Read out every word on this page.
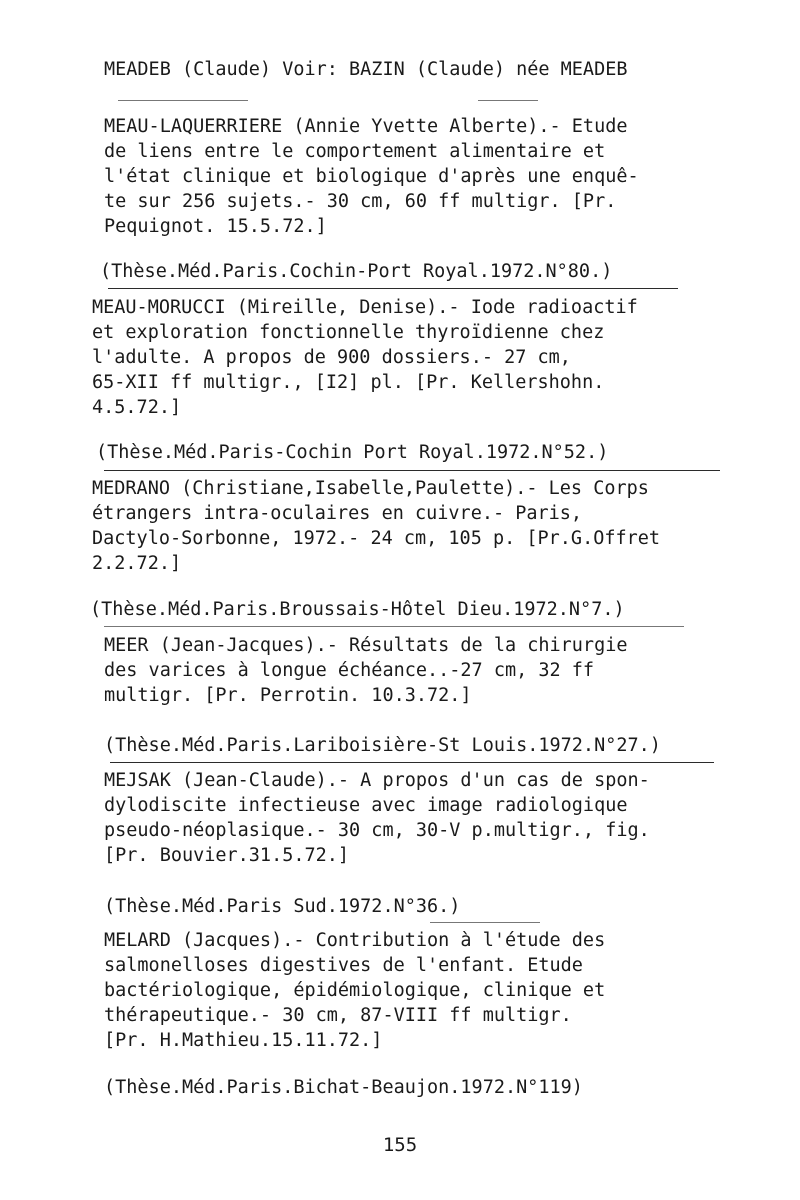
MEADEB (Claude) Voir: BAZIN (Claude) née MEADEB

MEAU-LAQUERRIERE (Annie Yvette Alberte).- Etude

de liens entre le comportement alimentaire et

l'état clinique et biologique d'après une enquê-

te sur 256 sujets.- 30 cm, 60 ff multigr. [Pr.

Pequignot. 15.5.72.]

(Thèse.Méd.Paris.Cochin-Port Royal.1972.N°80.)

MEAU-MORUCCI (Mireille, Denise).- Iode radioactif

et exploration fonctionnelle thyroïdienne chez

l'adulte. A propos de 900 dossiers.- 27 cm,

65-XII ff multigr., [I2] pl. [Pr. Kellershohn.

4.5.72.]

(Thèse.Méd.Paris-Cochin Port Royal.1972.N°52.)

MEDRANO (Christiane,Isabelle,Paulette).- Les Corps

étrangers intra-oculaires en cuivre.- Paris,

Dactylo-Sorbonne, 1972.- 24 cm, 105 p. [Pr.G.Offret

2.2.72.]

(Thèse.Méd.Paris.Broussais-Hôtel Dieu.1972.N°7.)

MEER (Jean-Jacques).- Résultats de la chirurgie

des varices à longue échéance..-27 cm, 32 ff

multigr. [Pr. Perrotin. 10.3.72.]

(Thèse.Méd.Paris.Lariboisière-St Louis.1972.N°27.)

MEJSAK (Jean-Claude).- A propos d'un cas de spon-

dylodiscite infectieuse avec image radiologique

pseudo-néoplasique.- 30 cm, 30-V p.multigr., fig.

[Pr. Bouvier.31.5.72.]

(Thèse.Méd.Paris Sud.1972.N°36.)

MELARD (Jacques).- Contribution à l'étude des

salmonelloses digestives de l'enfant. Etude

bactériologique, épidémiologique, clinique et

thérapeutique.- 30 cm, 87-VIII ff multigr.

[Pr. H.Mathieu.15.11.72.]

(Thèse.Méd.Paris.Bichat-Beaujon.1972.N°119)

155
